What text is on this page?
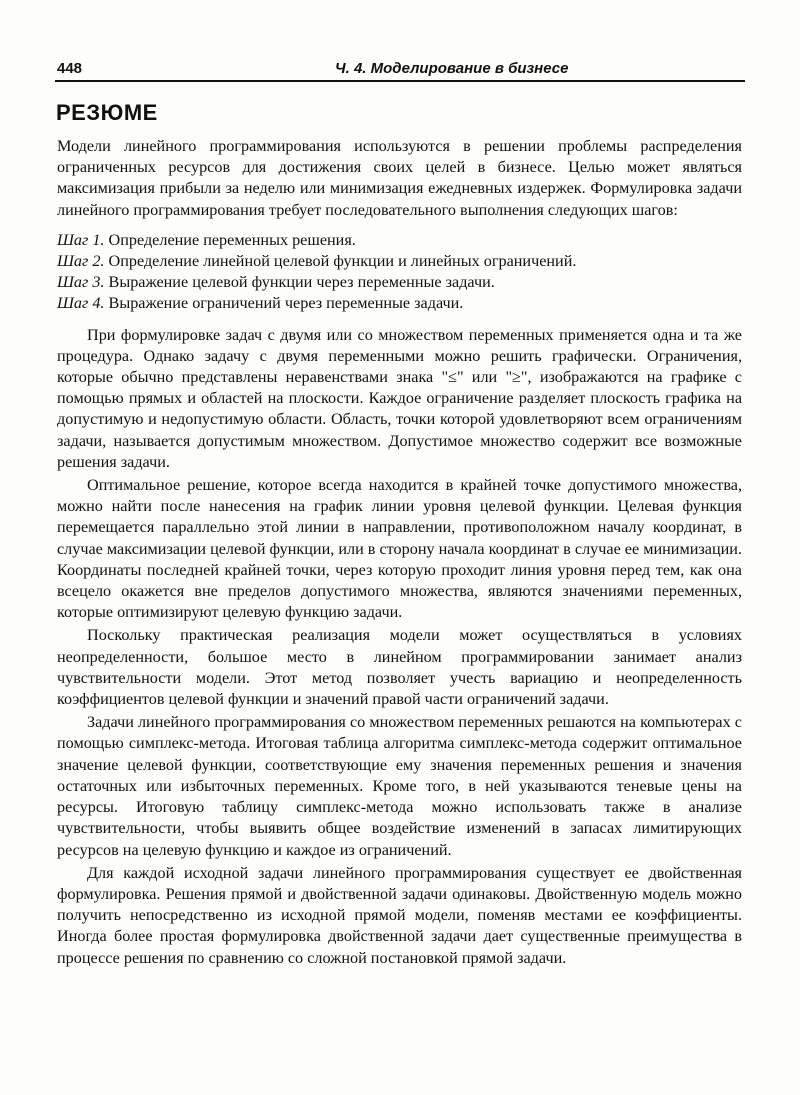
448	Ч. 4. Моделирование в бизнесе
РЕЗЮМЕ

Модели линейного программирования используются в решении проблемы распределения ограниченных ресурсов для достижения своих целей в бизнесе. Целью может являться максимизация прибыли за неделю или минимизация ежедневных издержек. Формулировка задачи линейного программирования требует последовательного выполнения следующих шагов:

Шаг 1. Определение переменных решения.
Шаг 2. Определение линейной целевой функции и линейных ограничений.
Шаг 3. Выражение целевой функции через переменные задачи.
Шаг 4. Выражение ограничений через переменные задачи.

При формулировке задач с двумя или со множеством переменных применяется одна и та же процедура. Однако задачу с двумя переменными можно решить графически. Ограничения, которые обычно представлены неравенствами знака "≤" или "≥", изображаются на графике с помощью прямых и областей на плоскости. Каждое ограничение разделяет плоскость графика на допустимую и недопустимую области. Область, точки которой удовлетворяют всем ограничениям задачи, называется допустимым множеством. Допустимое множество содержит все возможные решения задачи.

Оптимальное решение, которое всегда находится в крайней точке допустимого множества, можно найти после нанесения на график линии уровня целевой функции. Целевая функция перемещается параллельно этой линии в направлении, противоположном началу координат, в случае максимизации целевой функции, или в сторону начала координат в случае ее минимизации. Координаты последней крайней точки, через которую проходит линия уровня перед тем, как она всецело окажется вне пределов допустимого множества, являются значениями переменных, которые оптимизируют целевую функцию задачи.

Поскольку практическая реализация модели может осуществляться в условиях неопределенности, большое место в линейном программировании занимает анализ чувствительности модели. Этот метод позволяет учесть вариацию и неопределенность коэффициентов целевой функции и значений правой части ограничений задачи.

Задачи линейного программирования со множеством переменных решаются на компьютерах с помощью симплекс-метода. Итоговая таблица алгоритма симплекс-метода содержит оптимальное значение целевой функции, соответствующие ему значения переменных решения и значения остаточных или избыточных переменных. Кроме того, в ней указываются теневые цены на ресурсы. Итоговую таблицу симплекс-метода можно использовать также в анализе чувствительности, чтобы выявить общее воздействие изменений в запасах лимитирующих ресурсов на целевую функцию и каждое из ограничений.

Для каждой исходной задачи линейного программирования существует ее двойственная формулировка. Решения прямой и двойственной задачи одинаковы. Двойственную модель можно получить непосредственно из исходной прямой модели, поменяв местами ее коэффициенты. Иногда более простая формулировка двойственной задачи дает существенные преимущества в процессе решения по сравнению со сложной постановкой прямой задачи.
